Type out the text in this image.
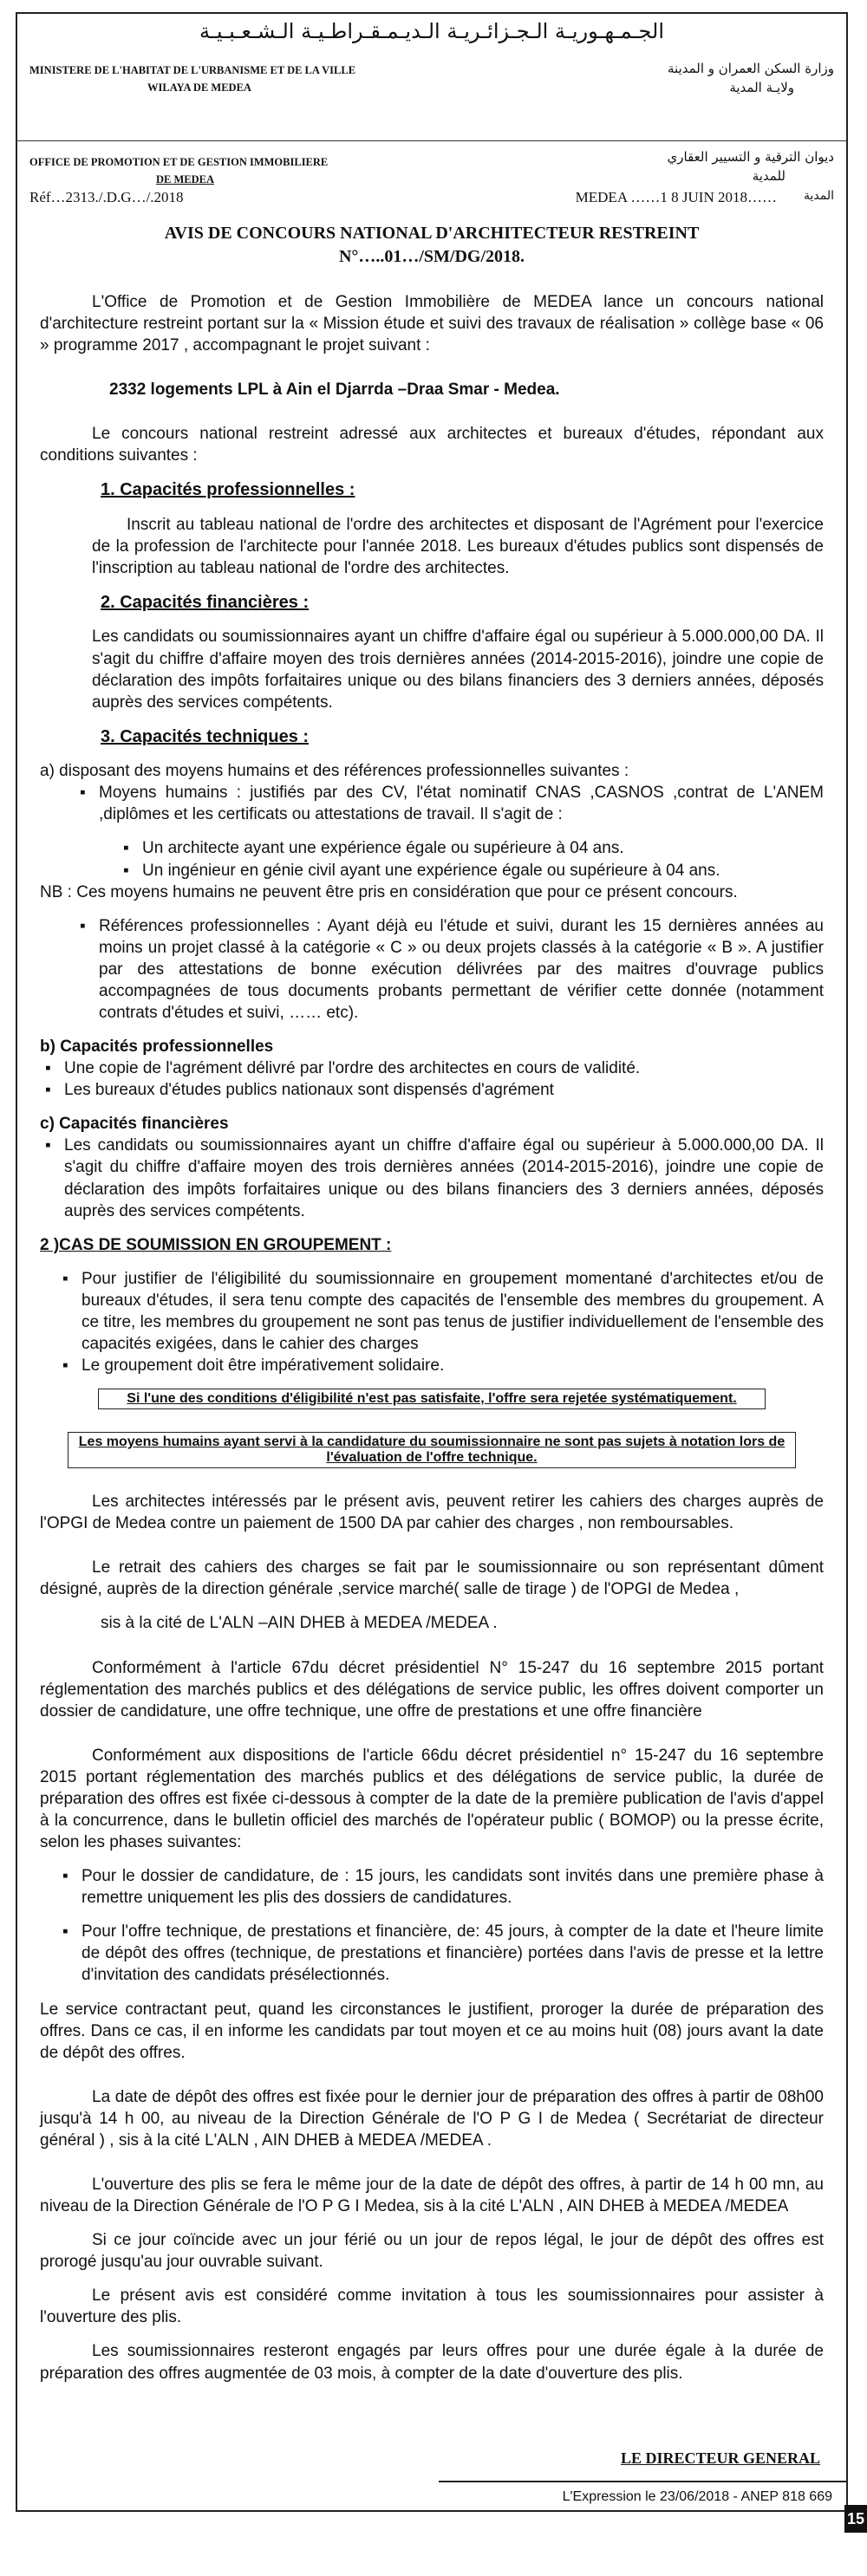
الجـمـهـوريـة الـجـزائـريـة الـديـمـقـراطـيـة الـشـعـبـيـة
MINISTERE DE L'HABITAT DE L'URBANISME ET DE LA VILLE
WILAYA DE MEDEA
OFFICE DE PROMOTION ET DE GESTION IMMOBILIERE
DE MEDEA
وزارة السكن العمران و المدينة
ولايـة المدية
ديوان الترقية و التسيير العقاري
للمدية
Réf…2313./.D.G…/.2018	MEDEA ……1 8 JUIN 2018…… المدية
AVIS DE CONCOURS NATIONAL D'ARCHITECTEUR RESTREINT
N°…..01…/SM/DG/2018.

L'Office de Promotion et de Gestion Immobilière de MEDEA lance un concours national d'architecture restreint portant sur la « Mission étude et suivi des travaux de réalisation » collège base « 06 » programme 2017 , accompagnant le projet suivant :

2332 logements LPL à Ain el Djarrda –Draa Smar - Medea.

Le concours national restreint adressé aux architectes et bureaux d'études, répondant aux conditions suivantes :

1. Capacités professionnelles :

Inscrit au tableau national de l'ordre des architectes et disposant de l'Agrément pour l'exercice de la profession de l'architecte pour l'année 2018. Les bureaux d'études publics sont dispensés de l'inscription au tableau national de l'ordre des architectes.

2. Capacités financières :

Les candidats ou soumissionnaires ayant un chiffre d'affaire égal ou supérieur à 5.000.000,00 DA. Il s'agit du chiffre d'affaire moyen des trois dernières années (2014-2015-2016), joindre une copie de déclaration des impôts forfaitaires unique ou des bilans financiers des 3 derniers années, déposés auprès des services compétents.

3. Capacités techniques :

a) disposant des moyens humains et des références professionnelles suivantes :

▪ Moyens humains : justifiés par des CV, l'état nominatif CNAS ,CASNOS ,contrat de L'ANEM ,diplômes et les certificats ou attestations de travail. Il s'agit de :

▪ Un architecte ayant une expérience égale ou supérieure à 04 ans.

▪ Un ingénieur en génie civil ayant une expérience égale ou supérieure à 04 ans.

NB : Ces moyens humains ne peuvent être pris en considération que pour ce présent concours.

▪ Références professionnelles : Ayant déjà eu l'étude et suivi, durant les 15 dernières années au moins un projet classé à la catégorie « C » ou deux projets classés à la catégorie « B ». A justifier par des attestations de bonne exécution délivrées par des maitres d'ouvrage publics accompagnées de tous documents probants permettant de vérifier cette donnée (notamment contrats d'études et suivi, …… etc).

b) Capacités professionnelles

▪ Une copie de l'agrément délivré par l'ordre des architectes en cours de validité.

▪ Les bureaux d'études publics nationaux sont dispensés d'agrément

c) Capacités financières

▪ Les candidats ou soumissionnaires ayant un chiffre d'affaire égal ou supérieur à 5.000.000,00 DA. Il s'agit du chiffre d'affaire moyen des trois dernières années (2014-2015-2016), joindre une copie de déclaration des impôts forfaitaires unique ou des bilans financiers des 3 derniers années, déposés auprès des services compétents.

2 )CAS DE SOUMISSION EN GROUPEMENT :

▪ Pour justifier de l'éligibilité du soumissionnaire en groupement momentané d'architectes et/ou de bureaux d'études, il sera tenu compte des capacités de l'ensemble des membres du groupement. A ce titre, les membres du groupement ne sont pas tenus de justifier individuellement de l'ensemble des capacités exigées, dans le cahier des charges

▪ Le groupement doit être impérativement solidaire.

Si l'une des conditions d'éligibilité n'est pas satisfaite, l'offre sera rejetée systématiquement.
Les moyens humains ayant servi à la candidature du soumissionnaire ne sont pas sujets à notation lors de l'évaluation de l'offre technique.

Les architectes intéressés par le présent avis, peuvent retirer les cahiers des charges auprès de l'OPGI de Medea contre un paiement de 1500 DA par cahier des charges , non remboursables.

Le retrait des cahiers des charges se fait par le soumissionnaire ou son représentant dûment désigné, auprès de la direction générale ,service marché( salle de tirage ) de l'OPGI de Medea ,

sis à la cité de L'ALN –AIN DHEB à MEDEA /MEDEA .

Conformément à l'article 67du décret présidentiel N° 15-247 du 16 septembre 2015 portant réglementation des marchés publics et des délégations de service public, les offres doivent comporter un dossier de candidature, une offre technique, une offre de prestations et une offre financière

Conformément aux dispositions de l'article 66du décret présidentiel n° 15-247 du 16 septembre 2015 portant réglementation des marchés publics et des délégations de service public, la durée de préparation des offres est fixée ci-dessous à compter de la date de la première publication de l'avis d'appel à la concurrence, dans le bulletin officiel des marchés de l'opérateur public ( BOMOP) ou la presse écrite, selon les phases suivantes:

▪ Pour le dossier de candidature, de : 15 jours, les candidats sont invités dans une première phase à remettre uniquement les plis des dossiers de candidatures.

▪ Pour l'offre technique, de prestations et financière, de: 45 jours, à compter de la date et l'heure limite de dépôt des offres (technique, de prestations et financière) portées dans l'avis de presse et la lettre d'invitation des candidats présélectionnés.

Le service contractant peut, quand les circonstances le justifient, proroger la durée de préparation des offres. Dans ce cas, il en informe les candidats par tout moyen et ce au moins huit (08) jours avant la date de dépôt des offres.

La date de dépôt des offres est fixée pour le dernier jour de préparation des offres à partir de 08h00 jusqu'à 14 h 00, au niveau de la Direction Générale de l'O P G I de Medea ( Secrétariat de directeur général ) , sis à la cité L'ALN , AIN DHEB à MEDEA /MEDEA .

L'ouverture des plis se fera le même jour de la date de dépôt des offres, à partir de 14 h 00 mn, au niveau de la Direction Générale de l'O P G I Medea, sis à la cité L'ALN , AIN DHEB à MEDEA /MEDEA

Si ce jour coïncide avec un jour férié ou un jour de repos légal, le jour de dépôt des offres est prorogé jusqu'au jour ouvrable suivant.

Le présent avis est considéré comme invitation à tous les soumissionnaires pour assister à l'ouverture des plis.

Les soumissionnaires resteront engagés par leurs offres pour une durée égale à la durée de préparation des offres augmentée de 03 mois, à compter de la date d'ouverture des plis.

LE DIRECTEUR GENERAL
L'Expression le 23/06/2018 - ANEP 818 669
15
